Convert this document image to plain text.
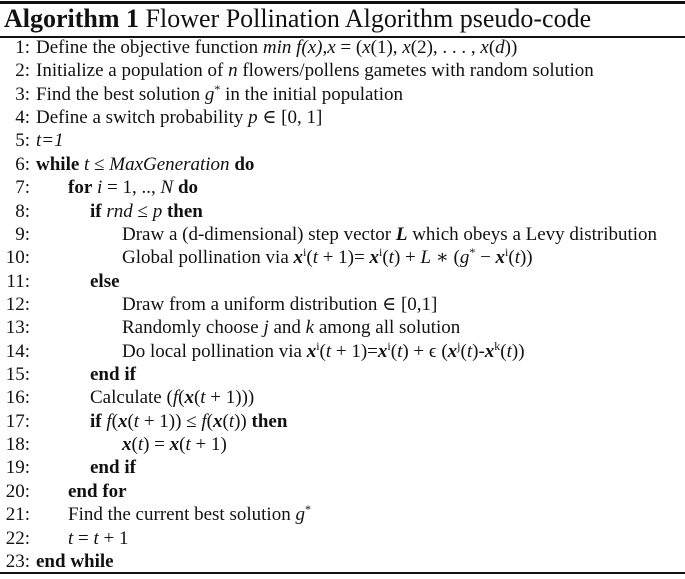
Algorithm 1 Flower Pollination Algorithm pseudo-code
1: Define the objective function min f(x),x = (x(1), x(2), . . . , x(d))
2: Initialize a population of n flowers/pollens gametes with random solution
3: Find the best solution g* in the initial population
4: Define a switch probability p ∈ [0, 1]
5: t=1
6: while t ≤ MaxGeneration do
7: for i = 1, .., N do
8:	if rnd ≤ p then
9:	Draw a (d-dimensional) step vector L which obeys a Levy distribution
10:	Global pollination via $x^i(t + 1)= x^i(t) + L$ ∗ $(g^* - x^i(t))$
11:	else
12:	Draw from a uniform distribution ∈ [0,1]
13:	Randomly choose j and k among all solution
14:	Do local pollination via $x^i(t + 1)=x^i(t) + \epsilon$ $(x^j(t)-x^k(t))$
15:	end if
16:	Calculate (f(x(t + 1)))
17:	if f(x(t + 1)) ≤ f(x(t)) then
18:	x(t) = x(t + 1)
19:	end if
20: end for
21: Find the current best solution g*
22: t = t + 1
23: end while
